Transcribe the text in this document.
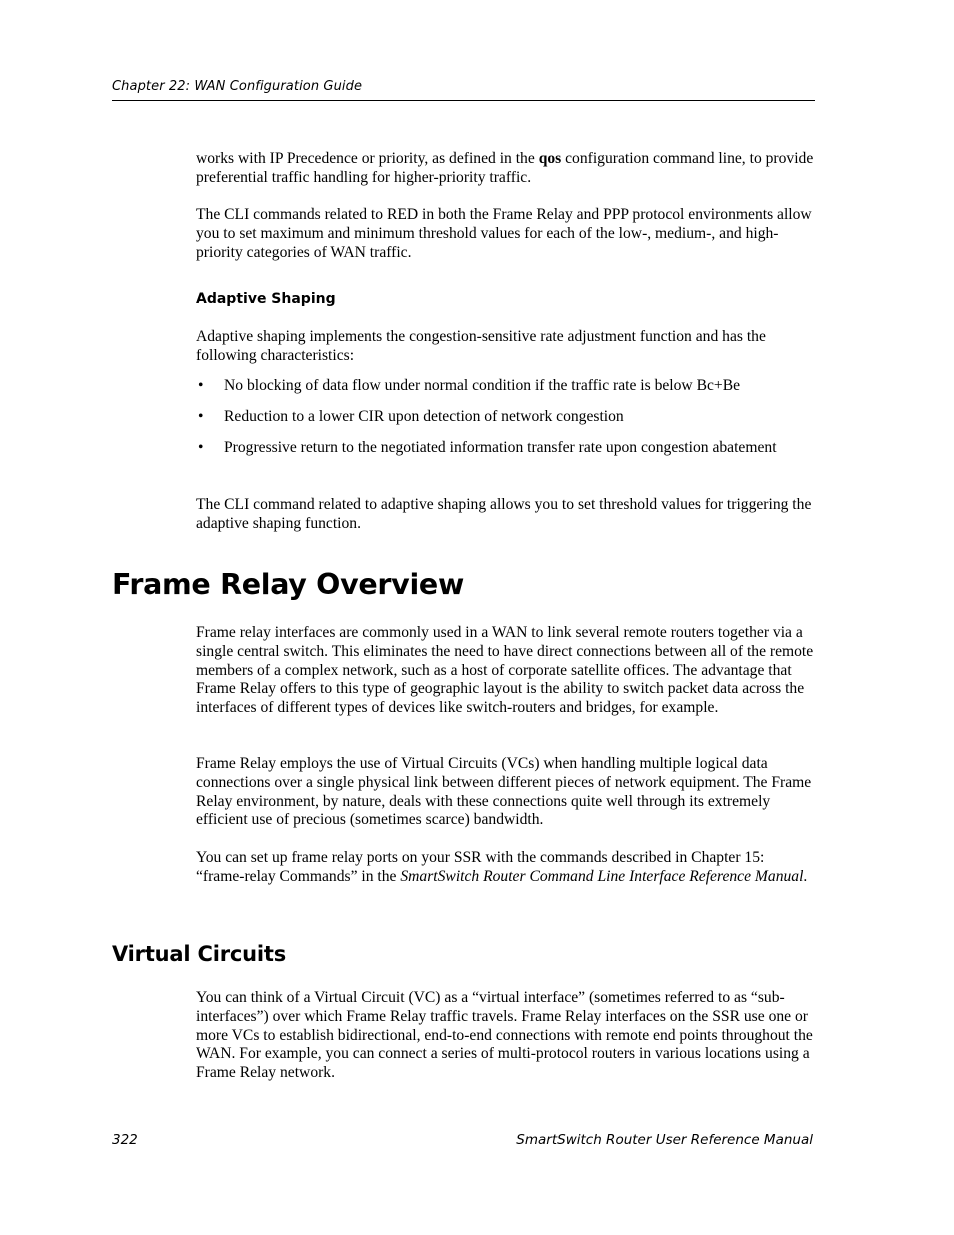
Chapter 22: WAN Configuration Guide

works with IP Precedence or priority, as defined in the qos configuration command line, to provide preferential traffic handling for higher-priority traffic.

The CLI commands related to RED in both the Frame Relay and PPP protocol environments allow you to set maximum and minimum threshold values for each of the low-, medium-, and high-priority categories of WAN traffic.

Adaptive Shaping

Adaptive shaping implements the congestion-sensitive rate adjustment function and has the following characteristics:

• No blocking of data flow under normal condition if the traffic rate is below Bc+Be
• Reduction to a lower CIR upon detection of network congestion
• Progressive return to the negotiated information transfer rate upon congestion abatement

The CLI command related to adaptive shaping allows you to set threshold values for triggering the adaptive shaping function.

Frame Relay Overview

Frame relay interfaces are commonly used in a WAN to link several remote routers together via a single central switch. This eliminates the need to have direct connections between all of the remote members of a complex network, such as a host of corporate satellite offices. The advantage that Frame Relay offers to this type of geographic layout is the ability to switch packet data across the interfaces of different types of devices like switch-routers and bridges, for example.

Frame Relay employs the use of Virtual Circuits (VCs) when handling multiple logical data connections over a single physical link between different pieces of network equipment. The Frame Relay environment, by nature, deals with these connections quite well through its extremely efficient use of precious (sometimes scarce) bandwidth.

You can set up frame relay ports on your SSR with the commands described in Chapter 15: “frame-relay Commands” in the SmartSwitch Router Command Line Interface Reference Manual.

Virtual Circuits

You can think of a Virtual Circuit (VC) as a “virtual interface” (sometimes referred to as “sub-interfaces”) over which Frame Relay traffic travels. Frame Relay interfaces on the SSR use one or more VCs to establish bidirectional, end-to-end connections with remote end points throughout the WAN. For example, you can connect a series of multi-protocol routers in various locations using a Frame Relay network.

322	SmartSwitch Router User Reference Manual
